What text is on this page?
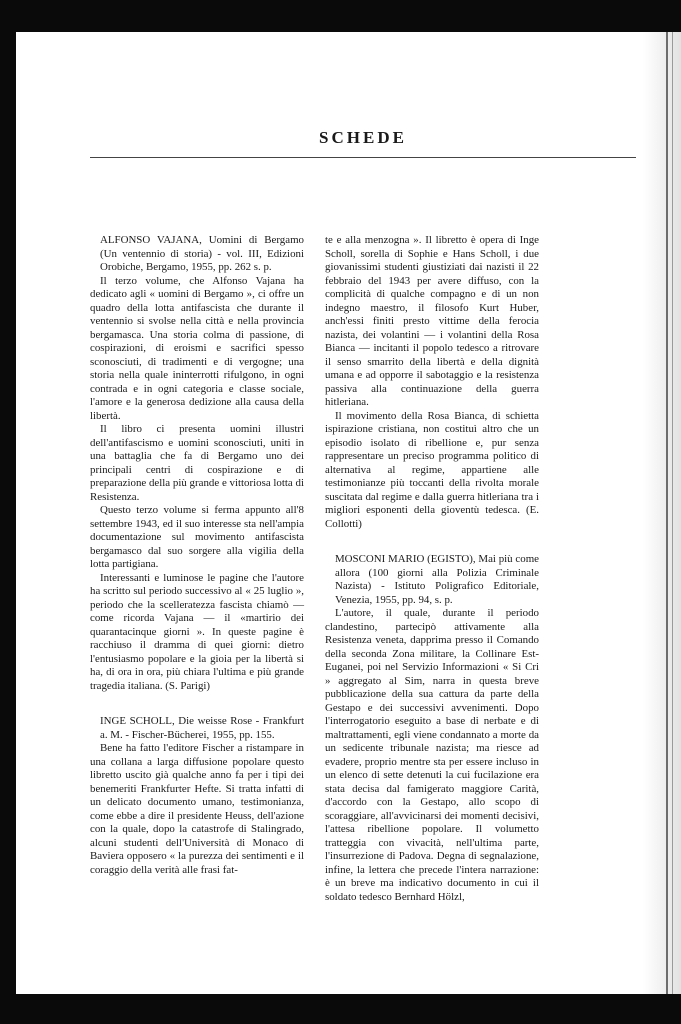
SCHEDE

ALFONSO VAJANA, Uomini di Bergamo (Un ventennio di storia) - vol. III, Edizioni Orobiche, Bergamo, 1955, pp. 262 s. p.

Il terzo volume, che Alfonso Vajana ha dedicato agli « uomini di Bergamo », ci offre un quadro della lotta antifascista che durante il ventennio si svolse nella città e nella provincia bergamasca. Una storia colma di passione, di cospirazioni, di eroismi e sacrifici spesso sconosciuti, di tradimenti e di vergogne; una storia nella quale ininterrotti rifulgono, in ogni contrada e in ogni categoria e classe sociale, l'amore e la generosa dedizione alla causa della libertà.

Il libro ci presenta uomini illustri dell'antifascismo e uomini sconosciuti, uniti in una battaglia che fa di Bergamo uno dei principali centri di cospirazione e di preparazione della più grande e vittoriosa lotta di Resistenza.

Questo terzo volume si ferma appunto all'8 settembre 1943, ed il suo interesse sta nell'ampia documentazione sul movimento antifascista bergamasco dal suo sorgere alla vigilia della lotta partigiana.

Interessanti e luminose le pagine che l'autore ha scritto sul periodo successivo al « 25 luglio », periodo che la scelleratezza fascista chiamò — come ricorda Vajana — il «martirio dei quarantacinque giorni ». In queste pagine è racchiuso il dramma di quei giorni: dietro l'entusiasmo popolare e la gioia per la libertà si ha, di ora in ora, più chiara l'ultima e più grande tragedia italiana. (S. Parigi)

INGE SCHOLL, Die weisse Rose - Frankfurt a. M. - Fischer-Bücherei, 1955, pp. 155.

Bene ha fatto l'editore Fischer a ristampare in una collana a larga diffusione popolare questo libretto uscito già qualche anno fa per i tipi dei benemeriti Frankfurter Hefte. Si tratta infatti di un delicato documento umano, testimonianza, come ebbe a dire il presidente Heuss, dell'azione con la quale, dopo la catastrofe di Stalingrado, alcuni studenti dell'Università di Monaco di Baviera opposero « la purezza dei sentimenti e il coraggio della verità alle frasi fat-

te e alla menzogna ». Il libretto è opera di Inge Scholl, sorella di Sophie e Hans Scholl, i due giovanissimi studenti giustiziati dai nazisti il 22 febbraio del 1943 per avere diffuso, con la complicità di qualche compagno e di un non indegno maestro, il filosofo Kurt Huber, anch'essi finiti presto vittime della ferocia nazista, dei volantini — i volantini della Rosa Bianca — incitanti il popolo tedesco a ritrovare il senso smarrito della libertà e della dignità umana e ad opporre il sabotaggio e la resistenza passiva alla continuazione della guerra hitleriana.

Il movimento della Rosa Bianca, di schietta ispirazione cristiana, non costituì altro che un episodio isolato di ribellione e, pur senza rappresentare un preciso programma politico di alternativa al regime, appartiene alle testimonianze più toccanti della rivolta morale suscitata dal regime e dalla guerra hitleriana tra i migliori esponenti della gioventù tedesca. (E. Collotti)

MOSCONI MARIO (EGISTO), Mai più come allora (100 giorni alla Polizia Criminale Nazista) - Istituto Poligrafico Editoriale, Venezia, 1955, pp. 94, s. p.

L'autore, il quale, durante il periodo clandestino, partecipò attivamente alla Resistenza veneta, dapprima presso il Comando della seconda Zona militare, la Collinare Est-Euganei, poi nel Servizio Informazioni « Si Cri » aggregato al Sim, narra in questa breve pubblicazione della sua cattura da parte della Gestapo e dei successivi avvenimenti. Dopo l'interrogatorio eseguito a base di nerbate e di maltrattamenti, egli viene condannato a morte da un sedicente tribunale nazista; ma riesce ad evadere, proprio mentre sta per essere incluso in un elenco di sette detenuti la cui fucilazione era stata decisa dal famigerato maggiore Carità, d'accordo con la Gestapo, allo scopo di scoraggiare, all'avvicinarsi dei momenti decisivi, l'attesa ribellione popolare. Il volumetto tratteggia con vivacità, nell'ultima parte, l'insurrezione di Padova. Degna di segnalazione, infine, la lettera che precede l'intera narrazione: è un breve ma indicativo documento in cui il soldato tedesco Bernhard Hölzl,
